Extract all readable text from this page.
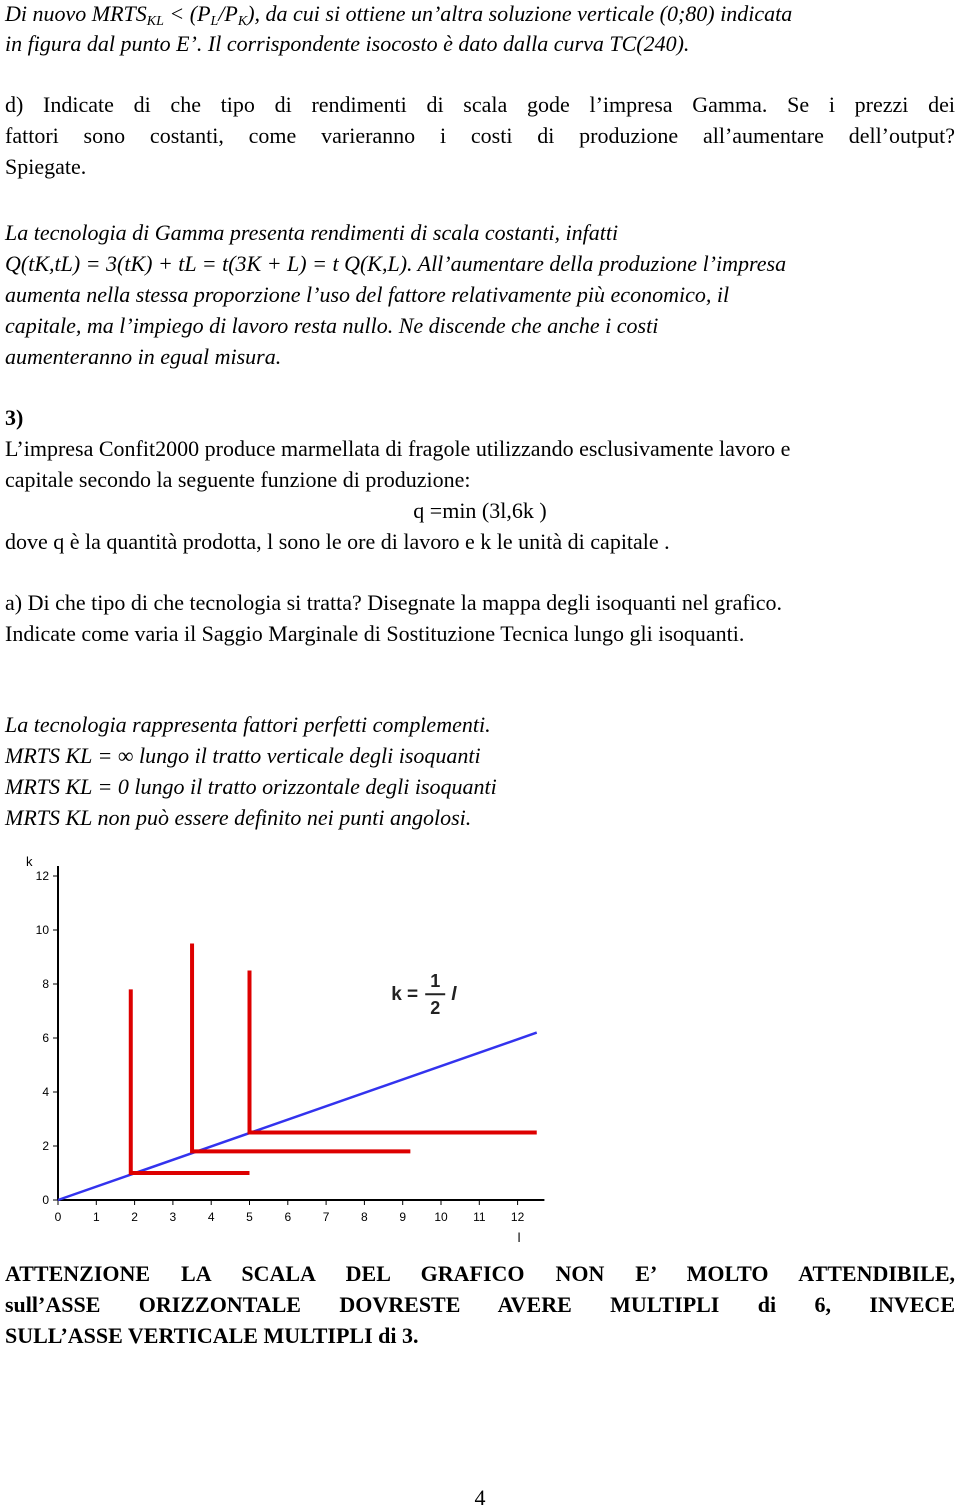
Di nuovo $MRTS_{KL} < (P_L/P_K)$, da cui si ottiene un’altra soluzione verticale (0;80) indicata
in figura dal punto E’. Il corrispondente isocosto è dato dalla curva TC(240).
d) Indicate di che tipo di rendimenti di scala gode l’impresa Gamma. Se i prezzi dei
fattori sono costanti, come varieranno i costi di produzione all’aumentare dell’output?
Spiegate.
La tecnologia di Gamma presenta rendimenti di scala costanti, infatti
Q(tK,tL) = 3(tK) + tL = t(3K + L) = t Q(K,L). All’aumentare della produzione l’impresa
aumenta nella stessa proporzione l’uso del fattore relativamente più economico, il
capitale, ma l’impiego di lavoro resta nullo. Ne discende che anche i costi
aumenteranno in egual misura.
3)
L’impresa Confit2000 produce marmellata di fragole utilizzando esclusivamente lavoro e
capitale secondo la seguente funzione di produzione:
q =min (3l,6k )
dove q è la quantità prodotta, l sono le ore di lavoro e k le unità di capitale .
a) Di che tipo di che tecnologia si tratta? Disegnate la mappa degli isoquanti nel grafico.
Indicate come varia il Saggio Marginale di Sostituzione Tecnica lungo gli isoquanti.
La tecnologia rappresenta fattori perfetti complementi.
MRTS KL = ∞ lungo il tratto verticale degli isoquanti
MRTS KL = 0 lungo il tratto orizzontale degli isoquanti
MRTS KL non può essere definito nei punti angolosi.
0	1	2	3	4	5	6	7	8	9 10 11 12
0
2
4
6
8
10
12
l
k
k =
1
2
l
ATTENZIONE LA SCALA DEL GRAFICO NON E’ MOLTO ATTENDIBILE,
sull’ASSE ORIZZONTALE DOVRESTE AVERE MULTIPLI di 6, INVECE
SULL’ASSE VERTICALE MULTIPLI di 3.
4
